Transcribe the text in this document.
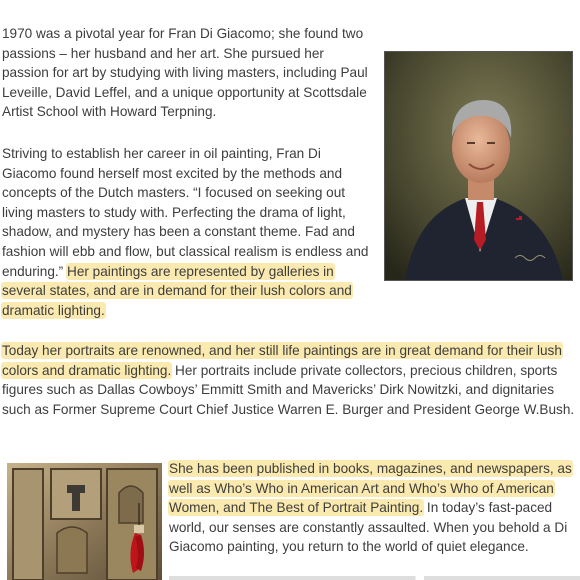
1970 was a pivotal year for Fran Di Giacomo; she found two passions – her husband and her art. She pursued her passion for art by studying with living masters, including Paul Leveille, David Leffel, and a unique opportunity at Scottsdale Artist School with Howard Terpning.

Striving to establish her career in oil painting, Fran Di Giacomo found herself most excited by the methods and concepts of the Dutch masters. “I focused on seeking out living masters to study with. Perfecting the drama of light, shadow, and mystery has been a constant theme. Fad and fashion will ebb and flow, but classical realism is endless and enduring.” Her paintings are represented by galleries in several states, and are in demand for their lush colors and dramatic lighting.

Today her portraits are renowned, and her still life paintings are in great demand for their lush colors and dramatic lighting. Her portraits include private collectors, precious children, sports figures such as Dallas Cowboys’ Emmitt Smith and Mavericks’ Dirk Nowitzki, and dignitaries such as Former Supreme Court Chief Justice Warren E. Burger and President George W.Bush.

She has been published in books, magazines, and newspapers, as well as Who’s Who in American Art and Who’s Who of American Women, and The Best of Portrait Painting. In today’s fast-paced world, our senses are constantly assaulted. When you behold a Di Giacomo painting, you return to the world of quiet elegance.
